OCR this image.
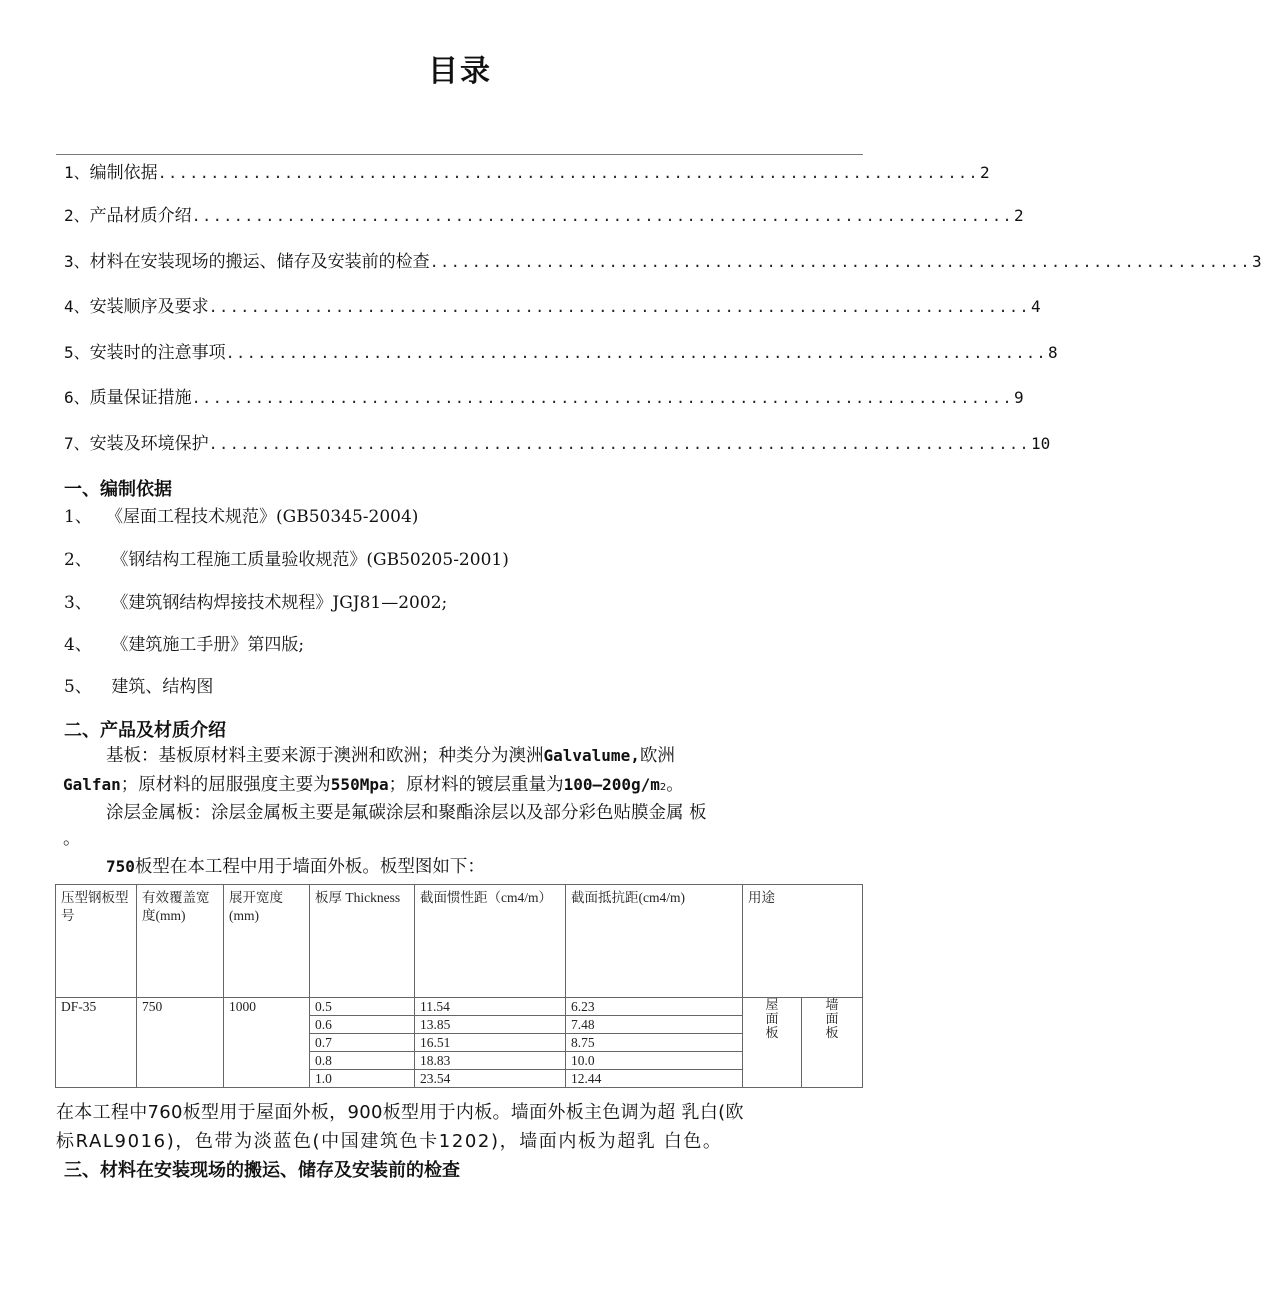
目录
1、 编制依据 .............................................................................. 2
2、 产品材质介绍 .............................................................................. 2
3、 材料在安装现场的搬运、储存及安装前的检查 .............................................................................. 3
4、 安装顺序及要求 .............................................................................. 4
5、 安装时的注意事项 .............................................................................. 8
6、 质量保证措施 .............................................................................. 9
7、 安装及环境保护 .............................................................................. 10
一、编制依据
1、 《屋面工程技术规范》(GB50345-2004)
2、 《钢结构工程施工质量验收规范》(GB50205-2001)
3、 《建筑钢结构焊接技术规程》JGJ81—2002;
4、 《建筑施工手册》第四版;
5、 建筑、结构图
二、产品及材质介绍
基板：基板原材料主要来源于澳洲和欧洲；种类分为澳洲Galvalume,欧洲
Galfan；原材料的屈服强度主要为550Mpa；原材料的镀层重量为100—200g/m2。
涂层金属板：涂层金属板主要是氟碳涂层和聚酯涂层以及部分彩色贴膜金属 板
。
750板型在本工程中用于墙面外板。板型图如下：
压型钢板型号	有效覆盖宽度(mm)	展开宽度(mm)	板厚 Thickness	截面惯性距（cm4/m）	截面抵抗距(cm4/m)	用途	
DF-35	750	1000	0.5	11.54	6.23	屋面板	墙面板

			0.6	13.85	7.48		
			0.7	16.51	8.75		
			0.8	18.83	10.0		
			1.0	23.54	12.44		
在本工程中760板型用于屋面外板，900板型用于内板。墙面外板主色调为超 乳白(欧
标RAL9016)，色带为淡蓝色(中国建筑色卡1202)，墙面内板为超乳 白色。
三、材料在安装现场的搬运、储存及安装前的检查
